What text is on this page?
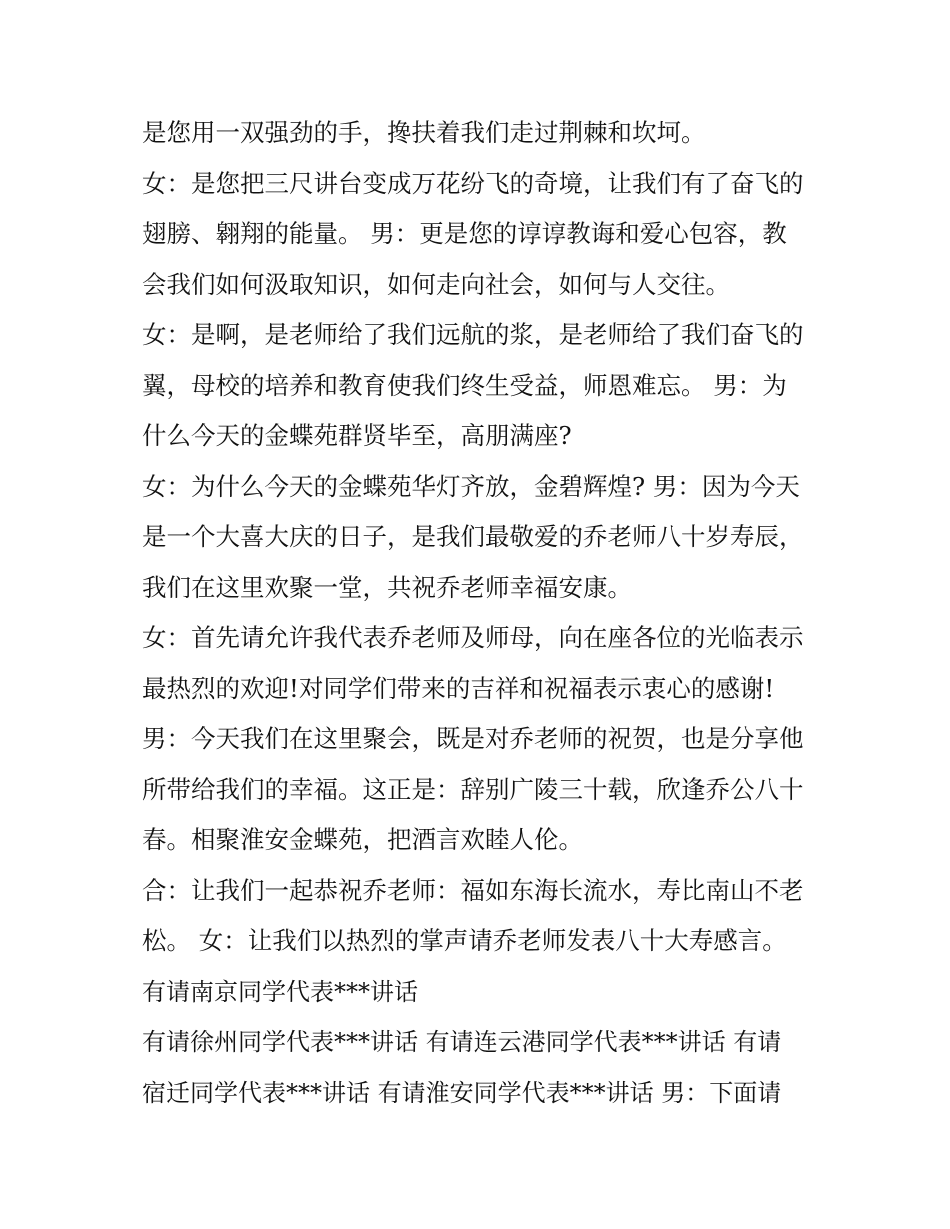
是您用一双强劲的手，搀扶着我们走过荆棘和坎坷。
女：是您把三尺讲台变成万花纷飞的奇境，让我们有了奋飞的
翅膀、翱翔的能量。 男：更是您的谆谆教诲和爱心包容，教
会我们如何汲取知识，如何走向社会，如何与人交往。
女：是啊，是老师给了我们远航的浆，是老师给了我们奋飞的
翼，母校的培养和教育使我们终生受益，师恩难忘。 男：为
什么今天的金蝶苑群贤毕至，高朋满座?
女：为什么今天的金蝶苑华灯齐放，金碧辉煌? 男：因为今天
是一个大喜大庆的日子，是我们最敬爱的乔老师八十岁寿辰，
我们在这里欢聚一堂，共祝乔老师幸福安康。
女：首先请允许我代表乔老师及师母，向在座各位的光临表示
最热烈的欢迎!对同学们带来的吉祥和祝福表示衷心的感谢!
男：今天我们在这里聚会，既是对乔老师的祝贺，也是分享他
所带给我们的幸福。这正是：辞别广陵三十载，欣逢乔公八十
春。相聚淮安金蝶苑，把酒言欢睦人伦。
合：让我们一起恭祝乔老师：福如东海长流水，寿比南山不老
松。 女：让我们以热烈的掌声请乔老师发表八十大寿感言。
有请南京同学代表***讲话
有请徐州同学代表***讲话 有请连云港同学代表***讲话 有请
宿迁同学代表***讲话 有请淮安同学代表***讲话 男：下面请
